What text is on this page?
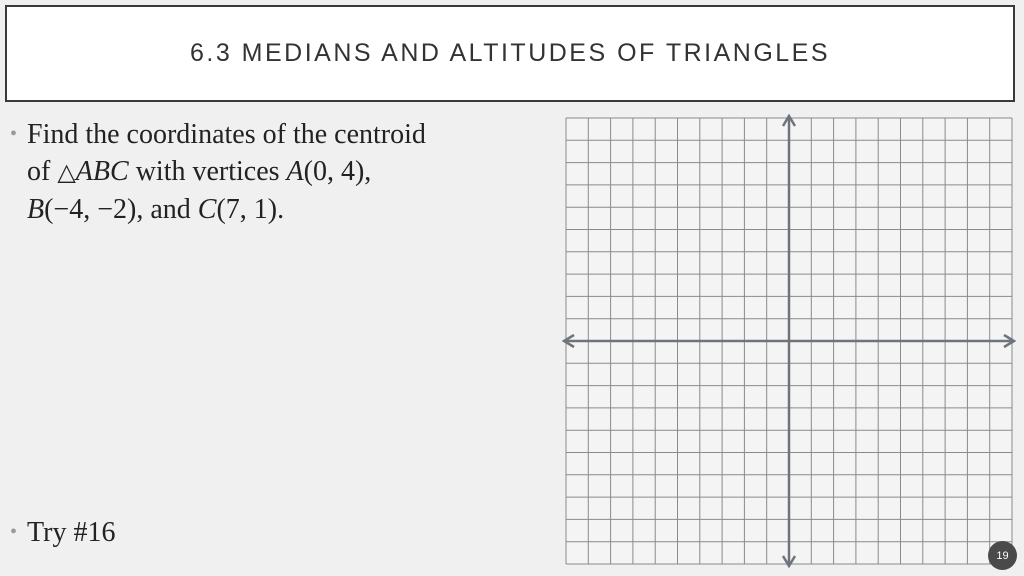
6.3 MEDIANS AND ALTITUDES OF TRIANGLES
• Find the coordinates of the centroid
of △ABC with vertices A(0, 4),
B(−4, −2), and C(7, 1).
• Try #16
19
